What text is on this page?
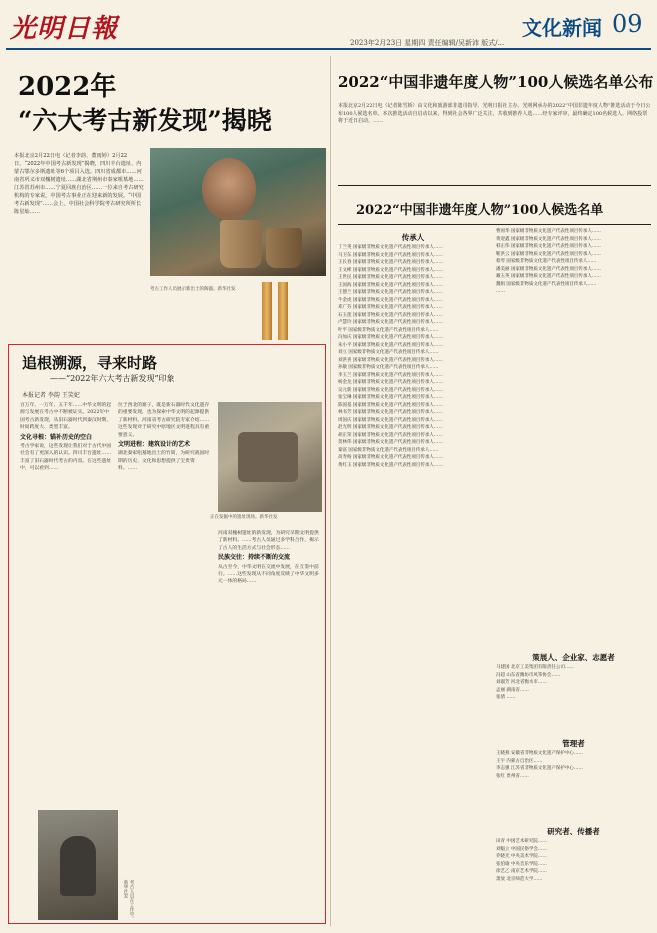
光明日報	文化新闻 09
2023年2月23日 星期四 责任编辑/吴新沛 版式/...
2022年
“六大考古新发现”揭晓
本报北京2月22日电（记者李韵、董雨婷）2月22日，“2022年中国考古新发现”揭晓，四川丰台遗址、内蒙古鄂尔多斯遗址等6个项目入选。四川省成都市……河南省巩义市双槐树遗址……湖北省荆州市秦家咀墓地……江苏省苏州市……宁夏回族自治区……一位来自考古研究机构的专家说，中国考古事业正在迎来新的发展。“中国考古新发现”……会上，中国社会科学院考古研究所所长陈星灿……
考古工作人员展示新出土的陶器。新华社发
追根溯源，寻来时路
——“2022年六大考古新发现”印象
本报记者 李韵 王笑妃
百万年、一万年、五千年……中华文明的起源与发展在考古中不断被证实。2022年中国考古新发现，从旧石器时代到秦汉时期，时间跨度大、类型丰富。
文化寻根：锚补历史的空白
考古学家说，这些发现让我们对于古代中国社会有了更深入的认识。四川丰台遗址……丰富了旧石器时代考古的内容。在这些遗址中，可以看到……
位于西北的寨子，既是新石器时代文化遗存的重要发现，也为探索中华文明的起源提供了新材料。河南省考古研究院专家介绍……这些发现对于研究中原地区文明进程具有重要意义。
文明进程：建筑设计的艺术
湖北秦家咀墓地出土的竹简，为研究战国时期的历史、文化和思想提供了宝贵资料。……
正在发掘中的遗址现场。新华社发
河南双槐树遗址的新发现，为研究早期文明提供了新材料。……考古人员通过多学科合作，揭示了古人的生活方式与社会形态……
民族交往：持续不断的交流
从古至今，中华文明在交流中发展，在互鉴中前行。……这些发现从不同角度反映了中华文明多元一体的格局……
考古人员在工作中。新华社发
2022“中国非遗年度人物”100人候选名单公布
本报北京2月22日电（记者陈雪娇）由文化和旅游部非遗司指导、光明日报社主办、光明网承办的2022“中国非遗年度人物”推选活动于今日公布100人候选名单。本次推选活动自启动以来，得到社会各界广泛关注，共收到推荐人选……经专家评审，最终确定100名候选人。网络投票将于近日启动。……
2022“中国非遗年度人物”100人候选名单
传承人
丁兰英 国家级非物质文化遗产代表性项目传承人……
马卫东 国家级非物质文化遗产代表性项目传承人……
王长春 国家级非物质文化遗产代表性项目传承人……
王文彬 国家级非物质文化遗产代表性项目传承人……
王世民 国家级非物质文化遗产代表性项目传承人……
王国海 国家级非物质文化遗产代表性项目传承人……
王德兰 国家级非物质文化遗产代表性项目传承人……
牛金虎 国家级非物质文化遗产代表性项目传承人……
邓广芬 国家级非物质文化遗产代表性项目传承人……
石玉莲 国家级非物质文化遗产代表性项目传承人……
卢慧玲 国家级非物质文化遗产代表性项目传承人……
叶平 国家级非物质文化遗产代表性项目传承人……
冯加庆 国家级非物质文化遗产代表性项目传承人……
朱小平 国家级非物质文化遗产代表性项目传承人……
刘立 国家级非物质文化遗产代表性项目传承人……
刘洪喜 国家级非物质文化遗产代表性项目传承人……
孙敏 国家级非物质文化遗产代表性项目传承人……
李玉兰 国家级非物质文化遗产代表性项目传承人……
杨金龙 国家级非物质文化遗产代表性项目传承人……
吴元新 国家级非物质文化遗产代表性项目传承人……
张宝琳 国家级非物质文化遗产代表性项目传承人……
陈国基 国家级非物质文化遗产代表性项目传承人……
林书芳 国家级非物质文化遗产代表性项目传承人……
周国庆 国家级非物质文化遗产代表性项目传承人……
赵光明 国家级非物质文化遗产代表性项目传承人……
胡正荣 国家级非物质文化遗产代表性项目传承人……
贺林伟 国家级非物质文化遗产代表性项目传承人……
秦富 国家级非物质文化遗产代表性项目传承人……
高寿杨 国家级非物质文化遗产代表性项目传承人……
黄红玉 国家级非物质文化遗产代表性项目传承人……
曹国华 国家级非物质文化遗产代表性项目传承人……
黄迎鑫 国家级非物质文化遗产代表性项目传承人……
韩正伟 国家级非物质文化遗产代表性项目传承人……
靳洪云 国家级非物质文化遗产代表性项目传承人……
蔡琴 国家级非物质文化遗产代表性项目传承人……
潘美丽 国家级非物质文化遗产代表性项目传承人……
戴玉英 国家级非物质文化遗产代表性项目传承人……
魏娟 国家级非物质文化遗产代表性项目传承人……
……
策展人、企业家、志愿者
马建国 北京工美集团有限责任公司……
冯超 山东省潍坊市风筝协会……
刘淑芳 河北省衡水市……
孟丽 湖南省……
张倩 ……
管理者
王晓燕 安徽省非物质文化遗产保护中心……
王宇 内蒙古自治区……
李志强 江苏省非物质文化遗产保护中心……
张红 贵州省……
研究者、传播者
田青 中国艺术研究院……
刘魁立 中国民俗学会……
乔晓光 中央美术学院……
张伯瑜 中央音乐学院……
徐艺乙 南京艺术学院……
萧放 北京师范大学……
